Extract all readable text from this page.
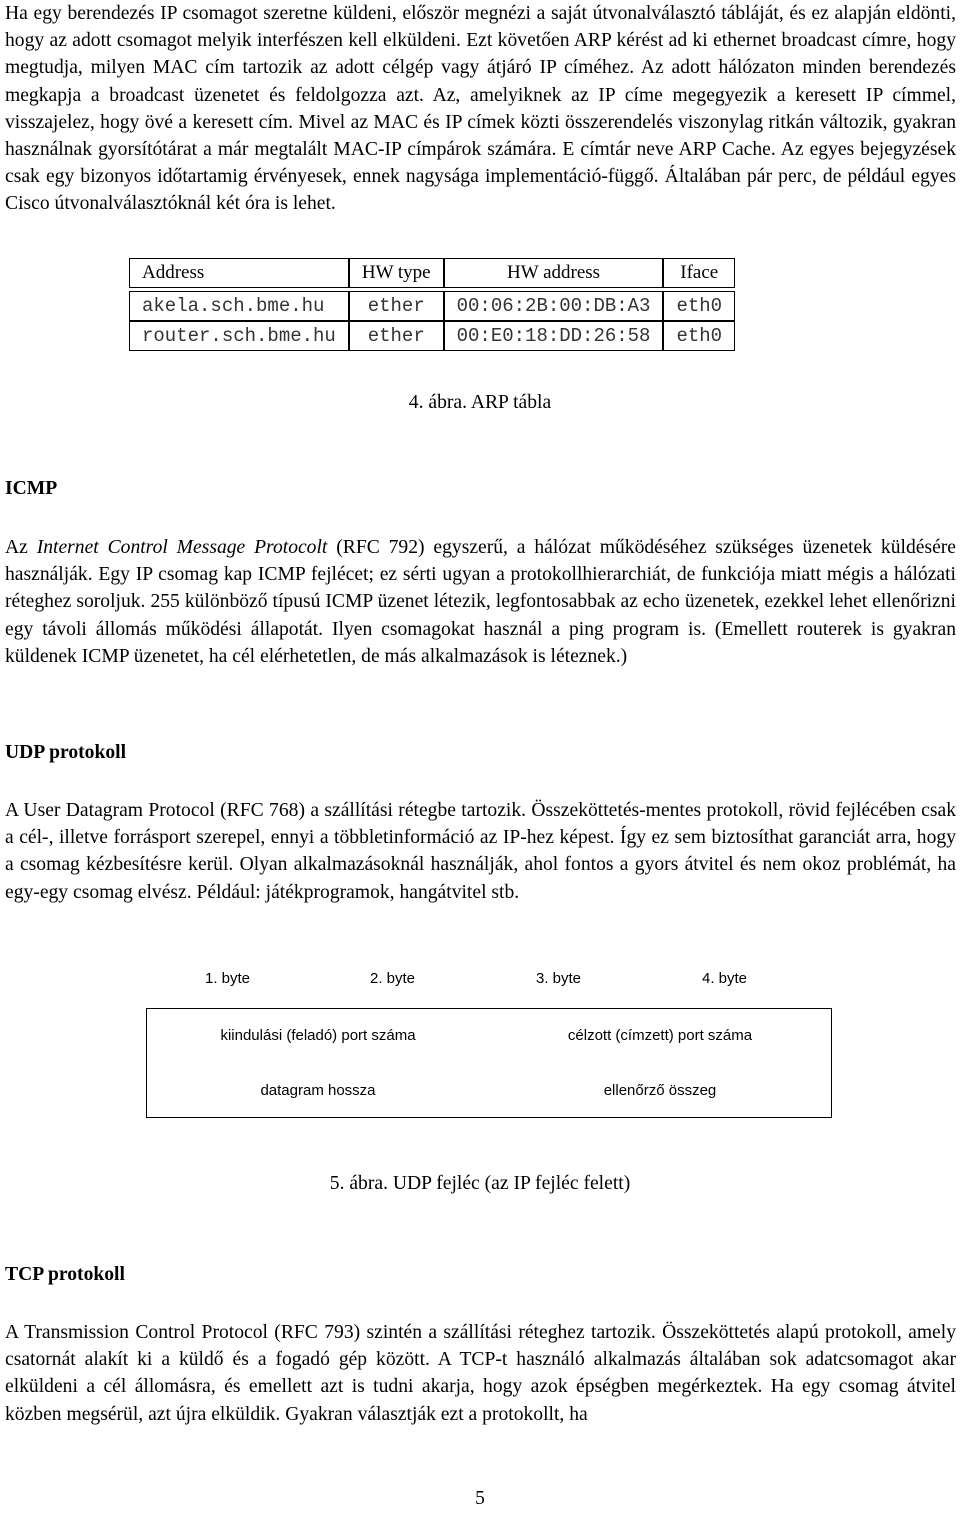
Ha egy berendezés IP csomagot szeretne küldeni, először megnézi a saját útvonalválasztó tábláját, és ez alapján eldönti, hogy az adott csomagot melyik interfészen kell elküldeni. Ezt követően ARP kérést ad ki ethernet broadcast címre, hogy megtudja, milyen MAC cím tartozik az adott célgép vagy átjáró IP címéhez. Az adott hálózaton minden berendezés megkapja a broadcast üzenetet és feldolgozza azt. Az, amelyiknek az IP címe megegyezik a keresett IP címmel, visszajelez, hogy övé a keresett cím. Mivel az MAC és IP címek közti összerendelés viszonylag ritkán változik, gyakran használnak gyorsítótárat a már megtalált MAC-IP címpárok számára. E címtár neve ARP Cache. Az egyes bejegyzések csak egy bizonyos időtartamig érvényesek, ennek nagysága implementáció-függő. Általában pár perc, de például egyes Cisco útvonalválasztóknál két óra is lehet.

Address	HW type	HW address	Iface

akela.sch.bme.hu	ether	00:06:2B:00:DB:A3	eth0
router.sch.bme.hu	ether	00:E0:18:DD:26:58	eth0

4. ábra. ARP tábla

ICMP

Az Internet Control Message Protocolt (RFC 792) egyszerű, a hálózat működéséhez szükséges üzenetek küldésére használják. Egy IP csomag kap ICMP fejlécet; ez sérti ugyan a protokollhierarchiát, de funkciója miatt mégis a hálózati réteghez soroljuk. 255 különböző típusú ICMP üzenet létezik, legfontosabbak az echo üzenetek, ezekkel lehet ellenőrizni egy távoli állomás működési állapotát. Ilyen csomagokat használ a ping program is. (Emellett routerek is gyakran küldenek ICMP üzenetet, ha cél elérhetetlen, de más alkalmazások is léteznek.)

UDP protokoll

A User Datagram Protocol (RFC 768) a szállítási rétegbe tartozik. Összeköttetés-mentes protokoll, rövid fejlécében csak a cél-, illetve forrásport szerepel, ennyi a többletinformáció az IP-hez képest. Így ez sem biztosíthat garanciát arra, hogy a csomag kézbesítésre kerül. Olyan alkalmazásoknál használják, ahol fontos a gyors átvitel és nem okoz problémát, ha egy-egy csomag elvész. Például: játékprogramok, hangátvitel stb.

1. byte	2. byte	3. byte	4. byte
kiindulási (feladó) port száma	célzott (címzett) port száma
datagram hossza	ellenőrző összeg

5. ábra. UDP fejléc (az IP fejléc felett)

TCP protokoll

A Transmission Control Protocol (RFC 793) szintén a szállítási réteghez tartozik. Összeköttetés alapú protokoll, amely csatornát alakít ki a küldő és a fogadó gép között. A TCP-t használó alkalmazás általában sok adatcsomagot akar elküldeni a cél állomásra, és emellett azt is tudni akarja, hogy azok épségben megérkeztek. Ha egy csomag átvitel közben megsérül, azt újra elküldik. Gyakran választják ezt a protokollt, ha

5
